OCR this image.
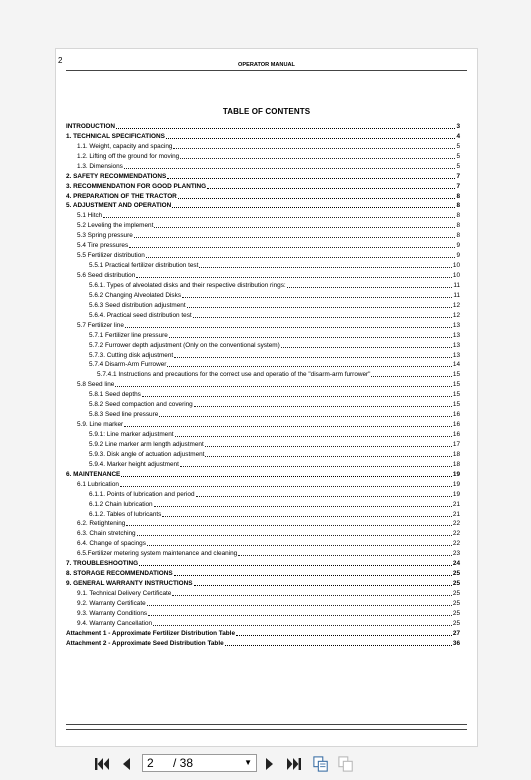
2	OPERATOR MANUAL
TABLE OF CONTENTS
INTRODUCTION	3
1. TECHNICAL SPECIFICATIONS	4
1.1. Weight, capacity and spacing	5
1.2. Lifting off the ground for moving	5
1.3. Dimensions	5
2. SAFETY RECOMMENDATIONS	7
3. RECOMMENDATION FOR GOOD PLANTING	7
4. PREPARATION OF THE TRACTOR	8
5. ADJUSTMENT AND OPERATION	8
5.1 Hitch	8
5.2 Leveling the implement	8
5.3 Spring pressure	8
5.4 Tire pressures	9
5.5 Fertilizer distribution	9
5.5.1 Practical fertilizer distribution test	10
5.6 Seed distribution	10
5.6.1. Types of alveolated disks and their respective distribution rings:	11
5.6.2 Changing Alveolated Disks	11
5.6.3 Seed distribution adjustment	12
5.6.4. Practical seed distribution test	12
5.7 Fertilizer line	13
5.7.1 Fertilizer line pressure	13
5.7.2 Furrower depth adjustment (Only on the conventional system)	13
5.7.3. Cutting disk adjustment	13
5.7.4 Disarm-Arm Furrower	14
5.7.4.1 Instructions and precautions for the correct use and operatio of the "disarm-arm furrower"	15
5.8 Seed line	15
5.8.1 Seed depths	15
5.8.2 Seed compaction and covering	15
5.8.3 Seed line pressure	16
5.9. Line marker	16
5.9.1: Line marker adjustment	16
5.9.2 Line marker arm length adjustment	17
5.9.3. Disk angle of actuation adjustment	18
5.9.4. Marker height adjustment	18
6. MAINTENANCE	19
6.1 Lubrication	19
6.1.1. Points of lubrication and period	19
6.1.2 Chain lubrication	21
6.1.2. Tables of lubricants	21
6.2. Retightening	22
6.3. Chain stretching	22
6.4. Change of spacings	22
6.5.Fertilizer metering system maintenance and cleaning	23
7. TROUBLESHOOTING	24
8. STORAGE RECOMMENDATIONS	25
9. GENERAL WARRANTY INSTRUCTIONS	25
9.1. Technical Delivery Certificate	25
9.2. Warranty Certificate	25
9.3. Warranty Conditions	25
9.4. Warranty Cancellation	25
Attachment 1 - Approximate Fertilizer Distribution Table	27
Attachment 2 - Approximate Seed Distribution Table	36
2
/ 38	▼
